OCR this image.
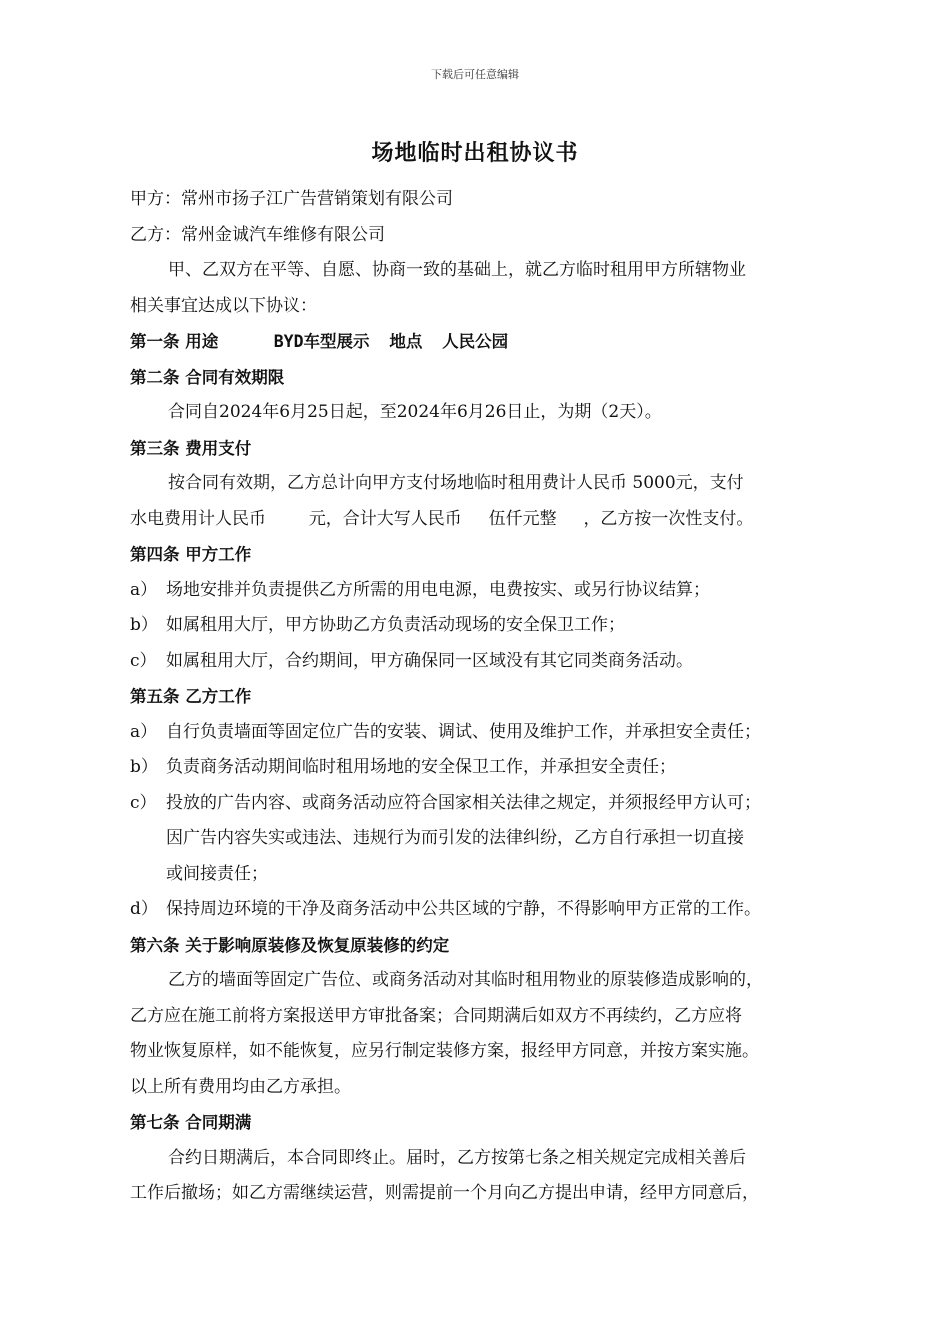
下载后可任意编辑
场地临时出租协议书
甲方：常州市扬子江广告营销策划有限公司
乙方：常州金诚汽车维修有限公司
甲、乙双方在平等、自愿、协商一致的基础上，就乙方临时租用甲方所辖物业
相关事宜达成以下协议：
第一条 用途	BYD车型展示 地点 人民公园
第二条 合同有效期限
合同自2024年6月25日起，至2024年6月26日止，为期（2天）。
第三条 费用支付
按合同有效期，乙方总计向甲方支付场地临时租用费计人民币 5000元，支付
水电费用计人民币	元，合计大写人民币 伍仟元整 ，乙方按一次性支付。
第四条 甲方工作
a） 场地安排并负责提供乙方所需的用电电源，电费按实、或另行协议结算；
b） 如属租用大厅，甲方协助乙方负责活动现场的安全保卫工作；
c） 如属租用大厅，合约期间，甲方确保同一区域没有其它同类商务活动。
第五条 乙方工作
a） 自行负责墙面等固定位广告的安装、调试、使用及维护工作，并承担安全责任；
b） 负责商务活动期间临时租用场地的安全保卫工作，并承担安全责任；
c） 投放的广告内容、或商务活动应符合国家相关法律之规定，并须报经甲方认可；
因广告内容失实或违法、违规行为而引发的法律纠纷，乙方自行承担一切直接
或间接责任；
d） 保持周边环境的干净及商务活动中公共区域的宁静，不得影响甲方正常的工作。
第六条 关于影响原装修及恢复原装修的约定
乙方的墙面等固定广告位、或商务活动对其临时租用物业的原装修造成影响的，
乙方应在施工前将方案报送甲方审批备案；合同期满后如双方不再续约，乙方应将
物业恢复原样，如不能恢复，应另行制定装修方案，报经甲方同意，并按方案实施。
以上所有费用均由乙方承担。
第七条 合同期满
合约日期满后，本合同即终止。届时，乙方按第七条之相关规定完成相关善后
工作后撤场；如乙方需继续运营，则需提前一个月向乙方提出申请，经甲方同意后，
